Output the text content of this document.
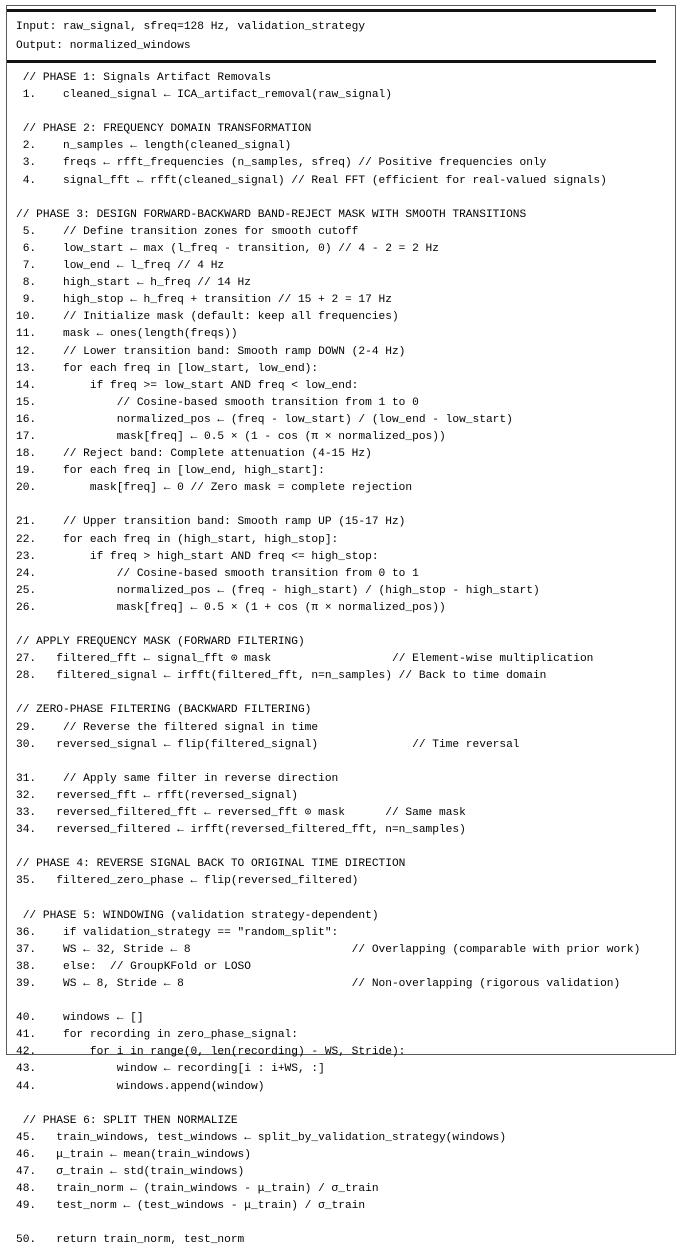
Input: raw_signal, sfreq=128 Hz, validation_strategy
Output: normalized_windows
// PHASE 1: Signals Artifact Removals
1.    cleaned_signal ← ICA_artifact_removal(raw_signal)

// PHASE 2: FREQUENCY DOMAIN TRANSFORMATION
2.    n_samples ← length(cleaned_signal)
3.    freqs ← rfft_frequencies (n_samples, sfreq) // Positive frequencies only
4.    signal_fft ← rfft(cleaned_signal) // Real FFT (efficient for real-valued signals)

// PHASE 3: DESIGN FORWARD-BACKWARD BAND-REJECT MASK WITH SMOOTH TRANSITIONS
5.    // Define transition zones for smooth cutoff
6.    low_start ← max (l_freq - transition, 0) // 4 - 2 = 2 Hz
7.    low_end ← l_freq // 4 Hz
8.    high_start ← h_freq // 14 Hz
9.    high_stop ← h_freq + transition // 15 + 2 = 17 Hz
10.    // Initialize mask (default: keep all frequencies)
11.    mask ← ones(length(freqs))
12.    // Lower transition band: Smooth ramp DOWN (2-4 Hz)
13.    for each freq in [low_start, low_end):
14.        if freq >= low_start AND freq < low_end:
15.            // Cosine-based smooth transition from 1 to 0
16.            normalized_pos ← (freq - low_start) / (low_end - low_start)
17.            mask[freq] ← 0.5 × (1 - cos (π × normalized_pos))
18.    // Reject band: Complete attenuation (4-15 Hz)
19.    for each freq in [low_end, high_start]:
20.        mask[freq] ← 0 // Zero mask = complete rejection

21.    // Upper transition band: Smooth ramp UP (15-17 Hz)
22.    for each freq in (high_start, high_stop]:
23.        if freq > high_start AND freq <= high_stop:
24.            // Cosine-based smooth transition from 0 to 1
25.            normalized_pos ← (freq - high_start) / (high_stop - high_start)
26.            mask[freq] ← 0.5 × (1 + cos (π × normalized_pos))

// APPLY FREQUENCY MASK (FORWARD FILTERING)
27.   filtered_fft ← signal_fft ⊙ mask                  // Element-wise multiplication
28.   filtered_signal ← irfft(filtered_fft, n=n_samples) // Back to time domain

// ZERO-PHASE FILTERING (BACKWARD FILTERING)
29.    // Reverse the filtered signal in time
30.   reversed_signal ← flip(filtered_signal)              // Time reversal

31.    // Apply same filter in reverse direction
32.   reversed_fft ← rfft(reversed_signal)
33.   reversed_filtered_fft ← reversed_fft ⊙ mask      // Same mask
34.   reversed_filtered ← irfft(reversed_filtered_fft, n=n_samples)

// PHASE 4: REVERSE SIGNAL BACK TO ORIGINAL TIME DIRECTION
35.   filtered_zero_phase ← flip(reversed_filtered)

// PHASE 5: WINDOWING (validation strategy-dependent)
36.    if validation_strategy == "random_split":
37.    WS ← 32, Stride ← 8                        // Overlapping (comparable with prior work)
38.    else:  // GroupKFold or LOSO
39.    WS ← 8, Stride ← 8                         // Non-overlapping (rigorous validation)

40.    windows ← []
41.    for recording in zero_phase_signal:
42.        for i in range(0, len(recording) - WS, Stride):
43.            window ← recording[i : i+WS, :]
44.            windows.append(window)

// PHASE 6: SPLIT THEN NORMALIZE
45.   train_windows, test_windows ← split_by_validation_strategy(windows)
46.   μ_train ← mean(train_windows)
47.   σ_train ← std(train_windows)
48.   train_norm ← (train_windows - μ_train) / σ_train
49.   test_norm ← (test_windows - μ_train) / σ_train

50.   return train_norm, test_norm
